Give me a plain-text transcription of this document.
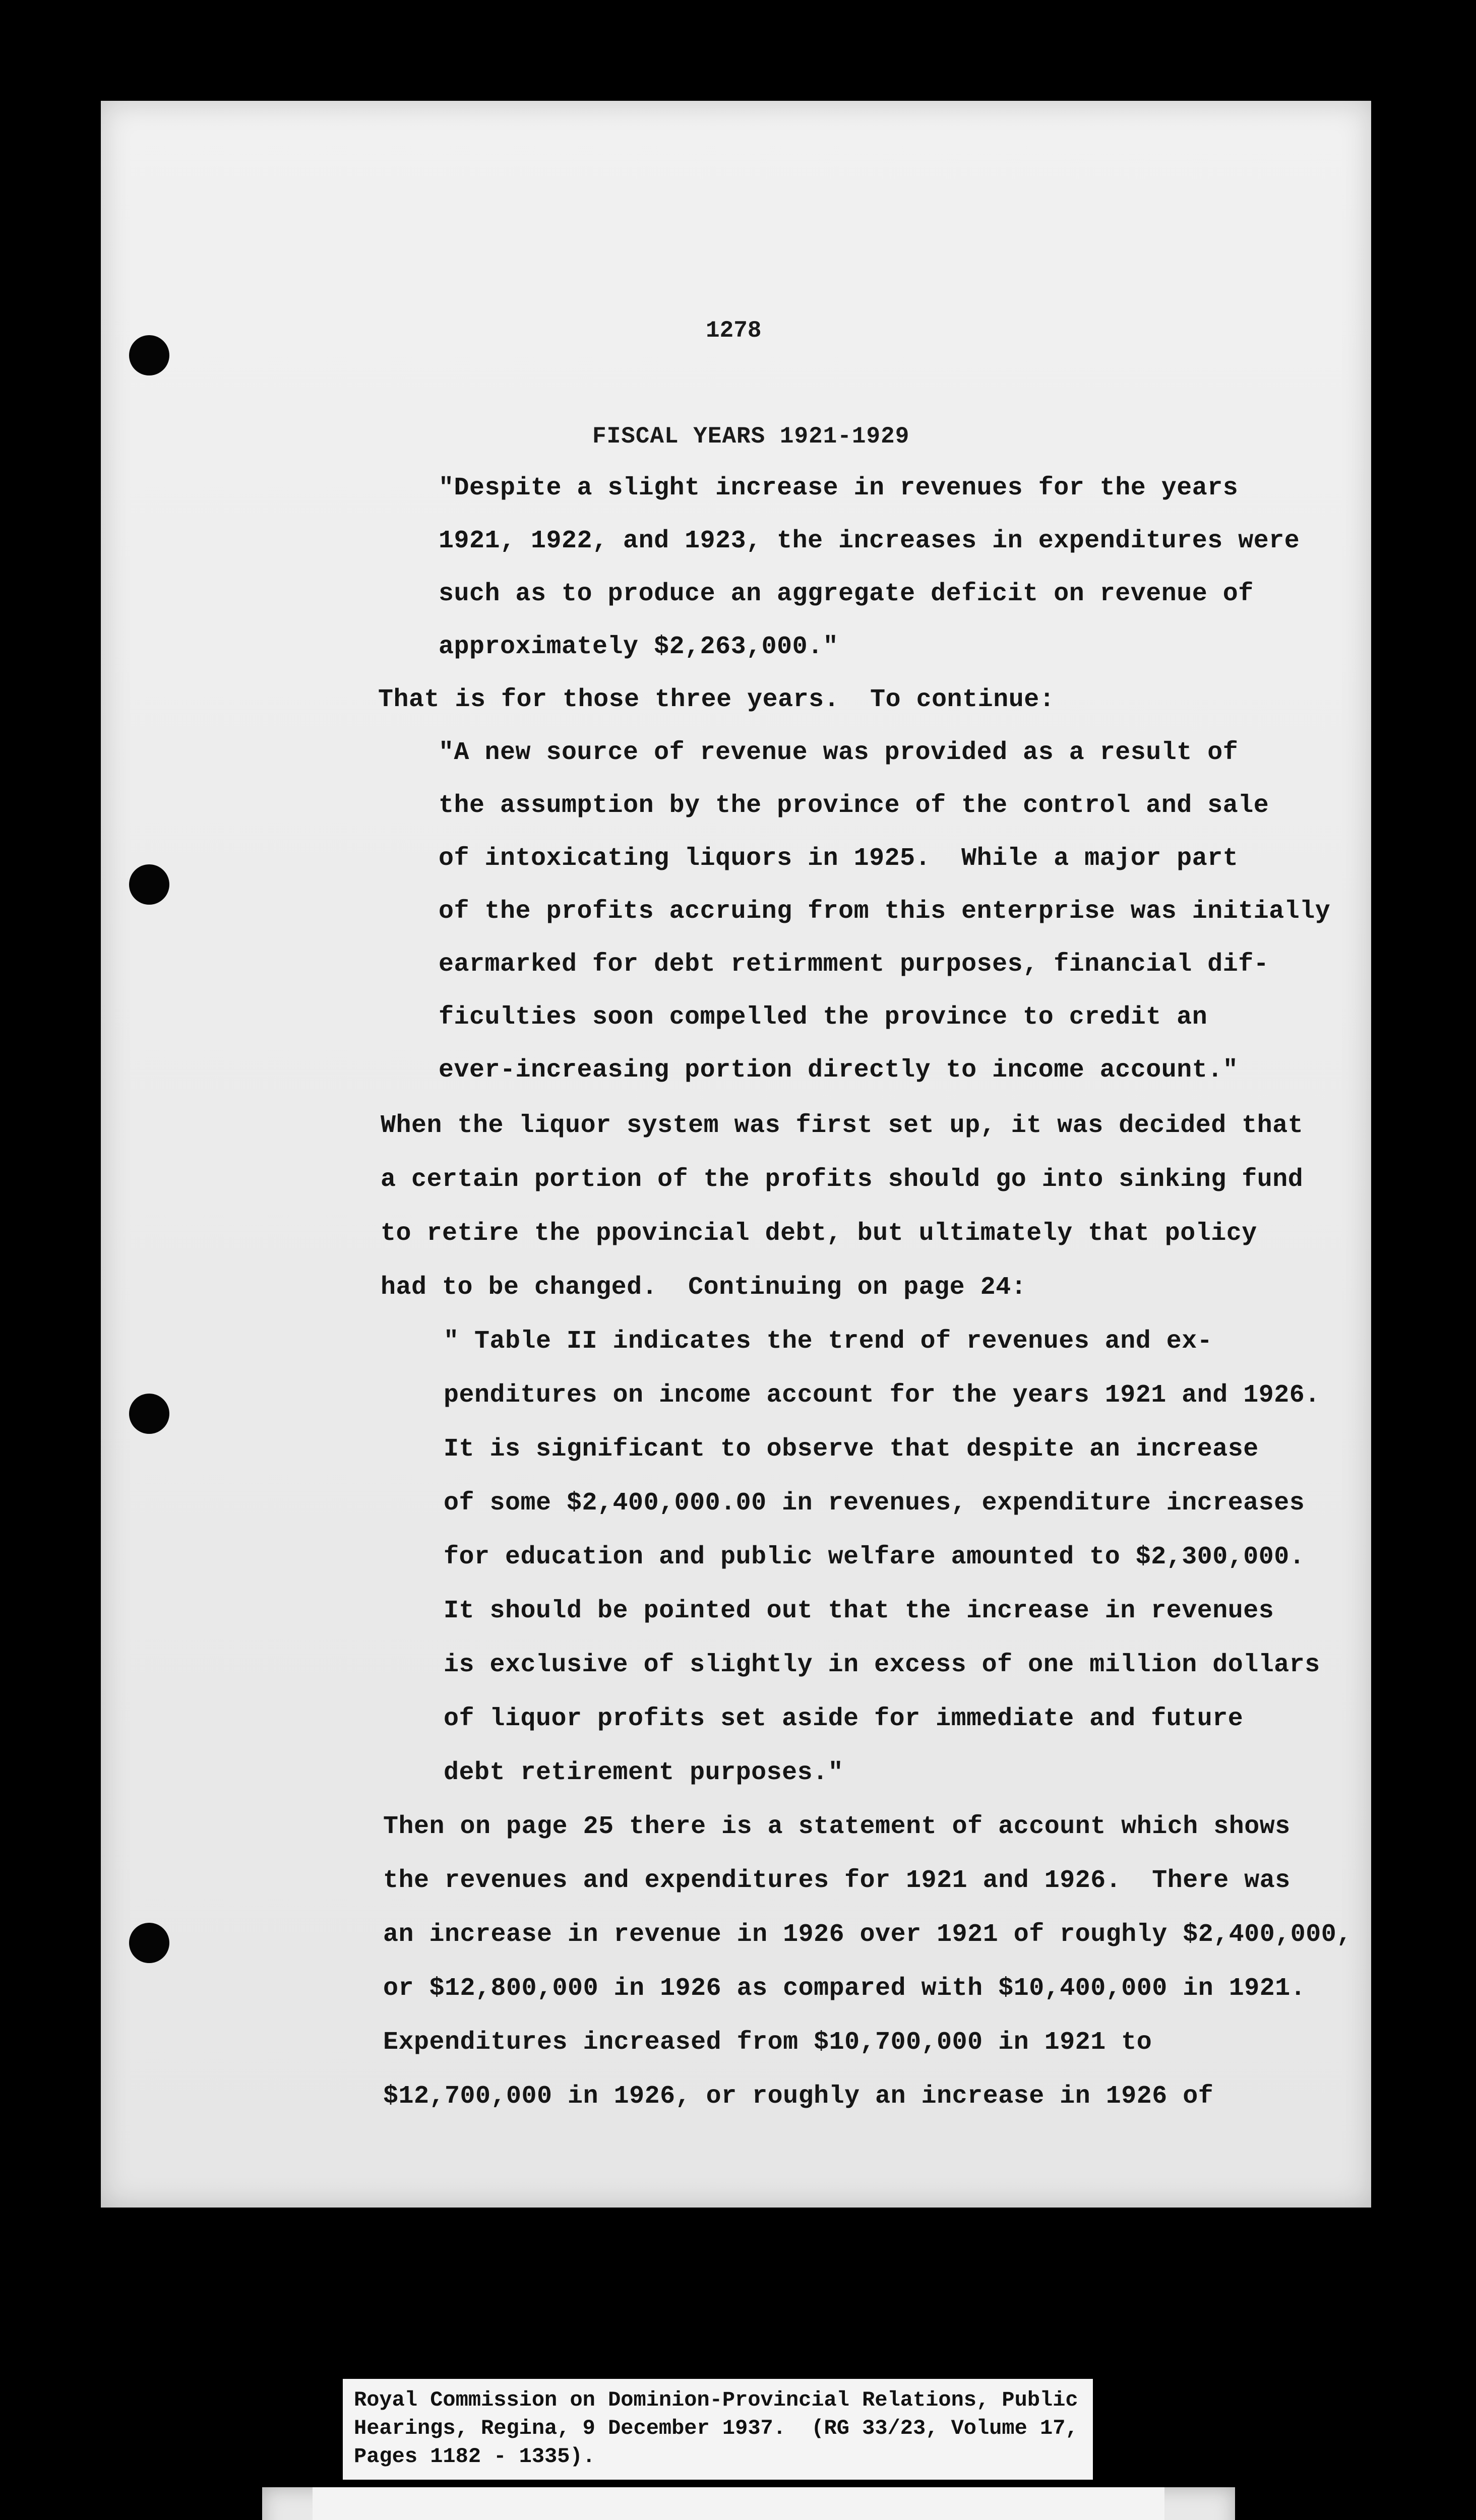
1278
FISCAL YEARS 1921-1929
"Despite a slight increase in revenues for the years
1921, 1922, and 1923, the increases in expenditures were
such as to produce an aggregate deficit on revenue of
approximately $2,263,000."
That is for those three years.  To continue:
"A new source of revenue was provided as a result of
the assumption by the province of the control and sale
of intoxicating liquors in 1925.  While a major part
of the profits accruing from this enterprise was initially
earmarked for debt retirmment purposes, financial dif-
ficulties soon compelled the province to credit an
ever-increasing portion directly to income account."
When the liquor system was first set up, it was decided that
a certain portion of the profits should go into sinking fund
to retire the ppovincial debt, but ultimately that policy
had to be changed.  Continuing on page 24:
" Table II indicates the trend of revenues and ex-
penditures on income account for the years 1921 and 1926.
It is significant to observe that despite an increase
of some $2,400,000.00 in revenues, expenditure increases
for education and public welfare amounted to $2,300,000.
It should be pointed out that the increase in revenues
is exclusive of slightly in excess of one million dollars
of liquor profits set aside for immediate and future
debt retirement purposes."
Then on page 25 there is a statement of account which shows
the revenues and expenditures for 1921 and 1926.  There was
an increase in revenue in 1926 over 1921 of roughly $2,400,000,
or $12,800,000 in 1926 as compared with $10,400,000 in 1921.
Expenditures increased from $10,700,000 in 1921 to
$12,700,000 in 1926, or roughly an increase in 1926 of
Royal Commission on Dominion-Provincial Relations, Public
Hearings, Regina, 9 December 1937.  (RG 33/23, Volume 17,
Pages 1182 - 1335).
